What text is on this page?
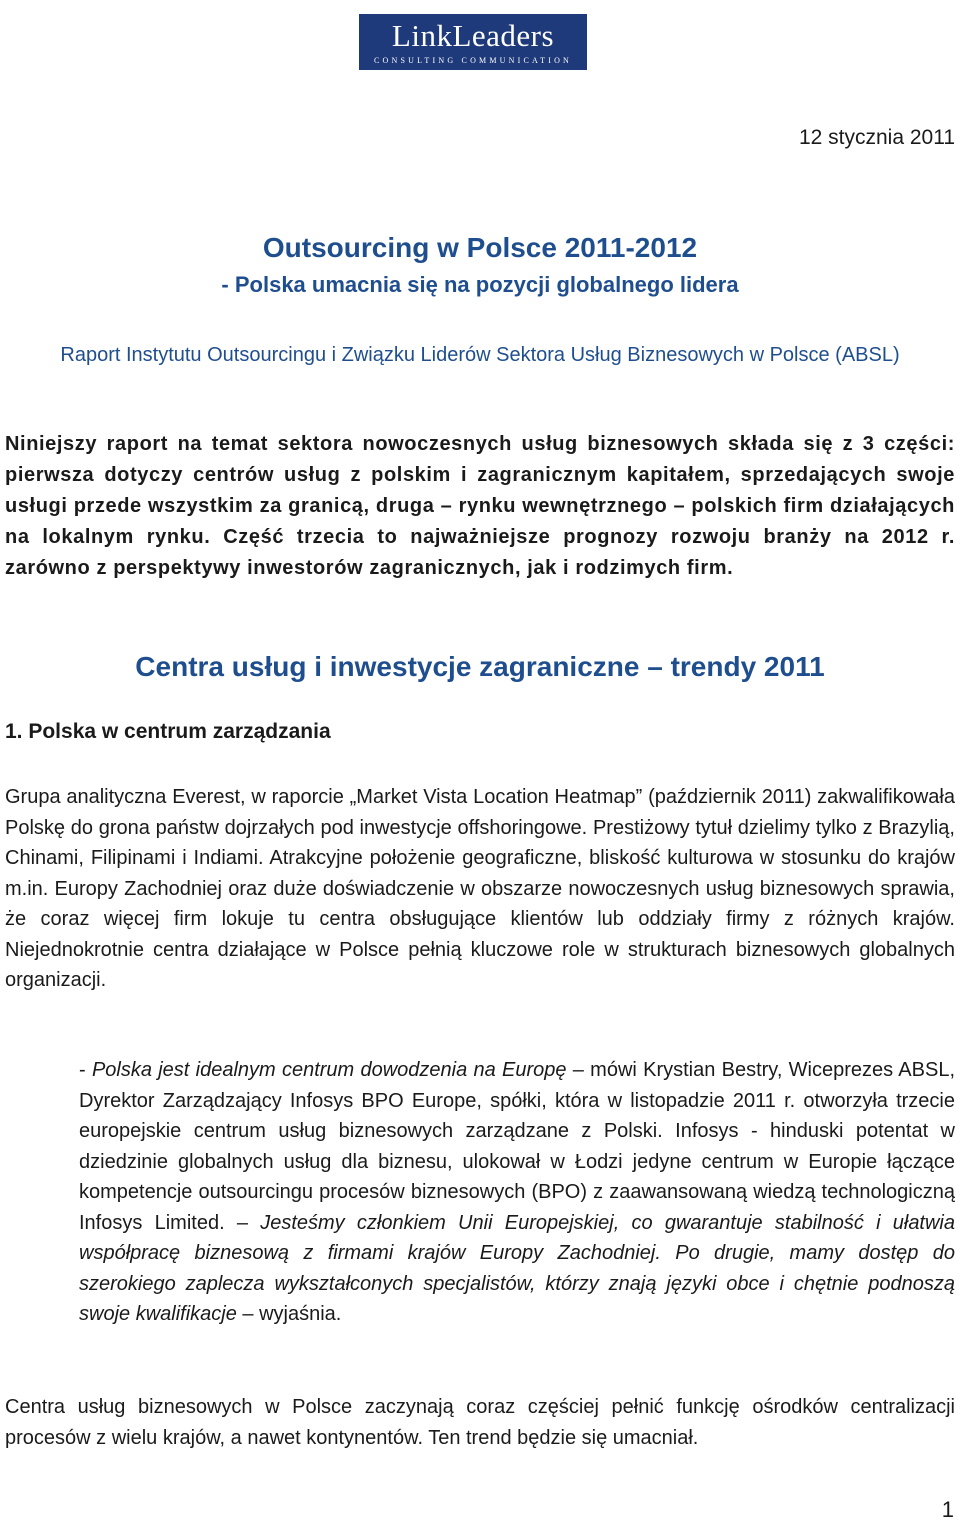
LinkLeaders
CONSULTING COMMUNICATION
12 stycznia 2011
Outsourcing w Polsce 2011-2012
- Polska umacnia się na pozycji globalnego lidera

Raport Instytutu Outsourcingu i Związku Liderów Sektora Usług Biznesowych w Polsce (ABSL)

Niniejszy raport na temat sektora nowoczesnych usług biznesowych składa się z 3 części: pierwsza dotyczy centrów usług z polskim i zagranicznym kapitałem, sprzedających swoje usługi przede wszystkim za granicą, druga – rynku wewnętrznego – polskich firm działających na lokalnym rynku. Część trzecia to najważniejsze prognozy rozwoju branży na 2012 r. zarówno z perspektywy inwestorów zagranicznych, jak i rodzimych firm.

Centra usług i inwestycje zagraniczne – trendy 2011
1. Polska w centrum zarządzania

Grupa analityczna Everest, w raporcie „Market Vista Location Heatmap” (październik 2011) zakwalifikowała Polskę do grona państw dojrzałych pod inwestycje offshoringowe. Prestiżowy tytuł dzielimy tylko z Brazylią, Chinami, Filipinami i Indiami. Atrakcyjne położenie geograficzne, bliskość kulturowa w stosunku do krajów m.in. Europy Zachodniej oraz duże doświadczenie w obszarze nowoczesnych usług biznesowych sprawia, że coraz więcej firm lokuje tu centra obsługujące klientów lub oddziały firmy z różnych krajów. Niejednokrotnie centra działające w Polsce pełnią kluczowe role w strukturach biznesowych globalnych organizacji.

- Polska jest idealnym centrum dowodzenia na Europę – mówi Krystian Bestry, Wiceprezes ABSL, Dyrektor Zarządzający Infosys BPO Europe, spółki, która w listopadzie 2011 r. otworzyła trzecie europejskie centrum usług biznesowych zarządzane z Polski. Infosys - hinduski potentat w dziedzinie globalnych usług dla biznesu, ulokował w Łodzi jedyne centrum w Europie łączące kompetencje outsourcingu procesów biznesowych (BPO) z zaawansowaną wiedzą technologiczną Infosys Limited. – Jesteśmy członkiem Unii Europejskiej, co gwarantuje stabilność i ułatwia współpracę biznesową z firmami krajów Europy Zachodniej. Po drugie, mamy dostęp do szerokiego zaplecza wykształconych specjalistów, którzy znają języki obce i chętnie podnoszą swoje kwalifikacje – wyjaśnia.

Centra usług biznesowych w Polsce zaczynają coraz częściej pełnić funkcję ośrodków centralizacji procesów z wielu krajów, a nawet kontynentów. Ten trend będzie się umacniał.

1
